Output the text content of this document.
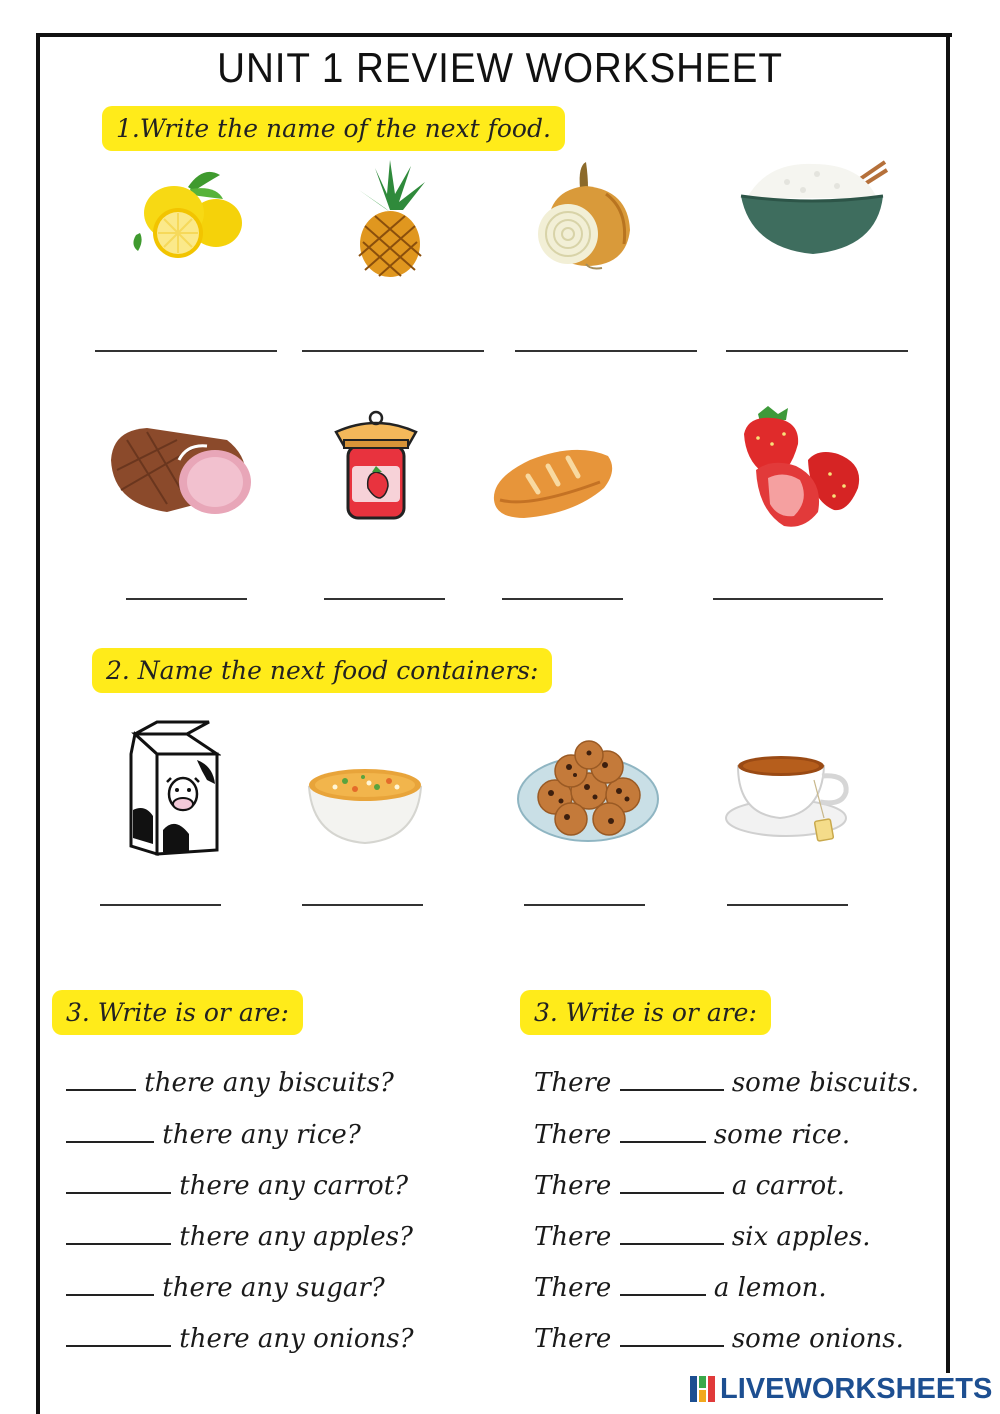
UNIT 1 REVIEW WORKSHEET
1.Write the name of the next food.
2. Name the next food containers:
3. Write is or are:
there any biscuits?
there any rice?
there any carrot?
there any apples?
there any sugar?
there any onions?
3. Write is or are:
There	some biscuits.
There	some rice.
There	a carrot.
There	six apples.
There	a lemon.
There	some onions.
LIVEWORKSHEETS
